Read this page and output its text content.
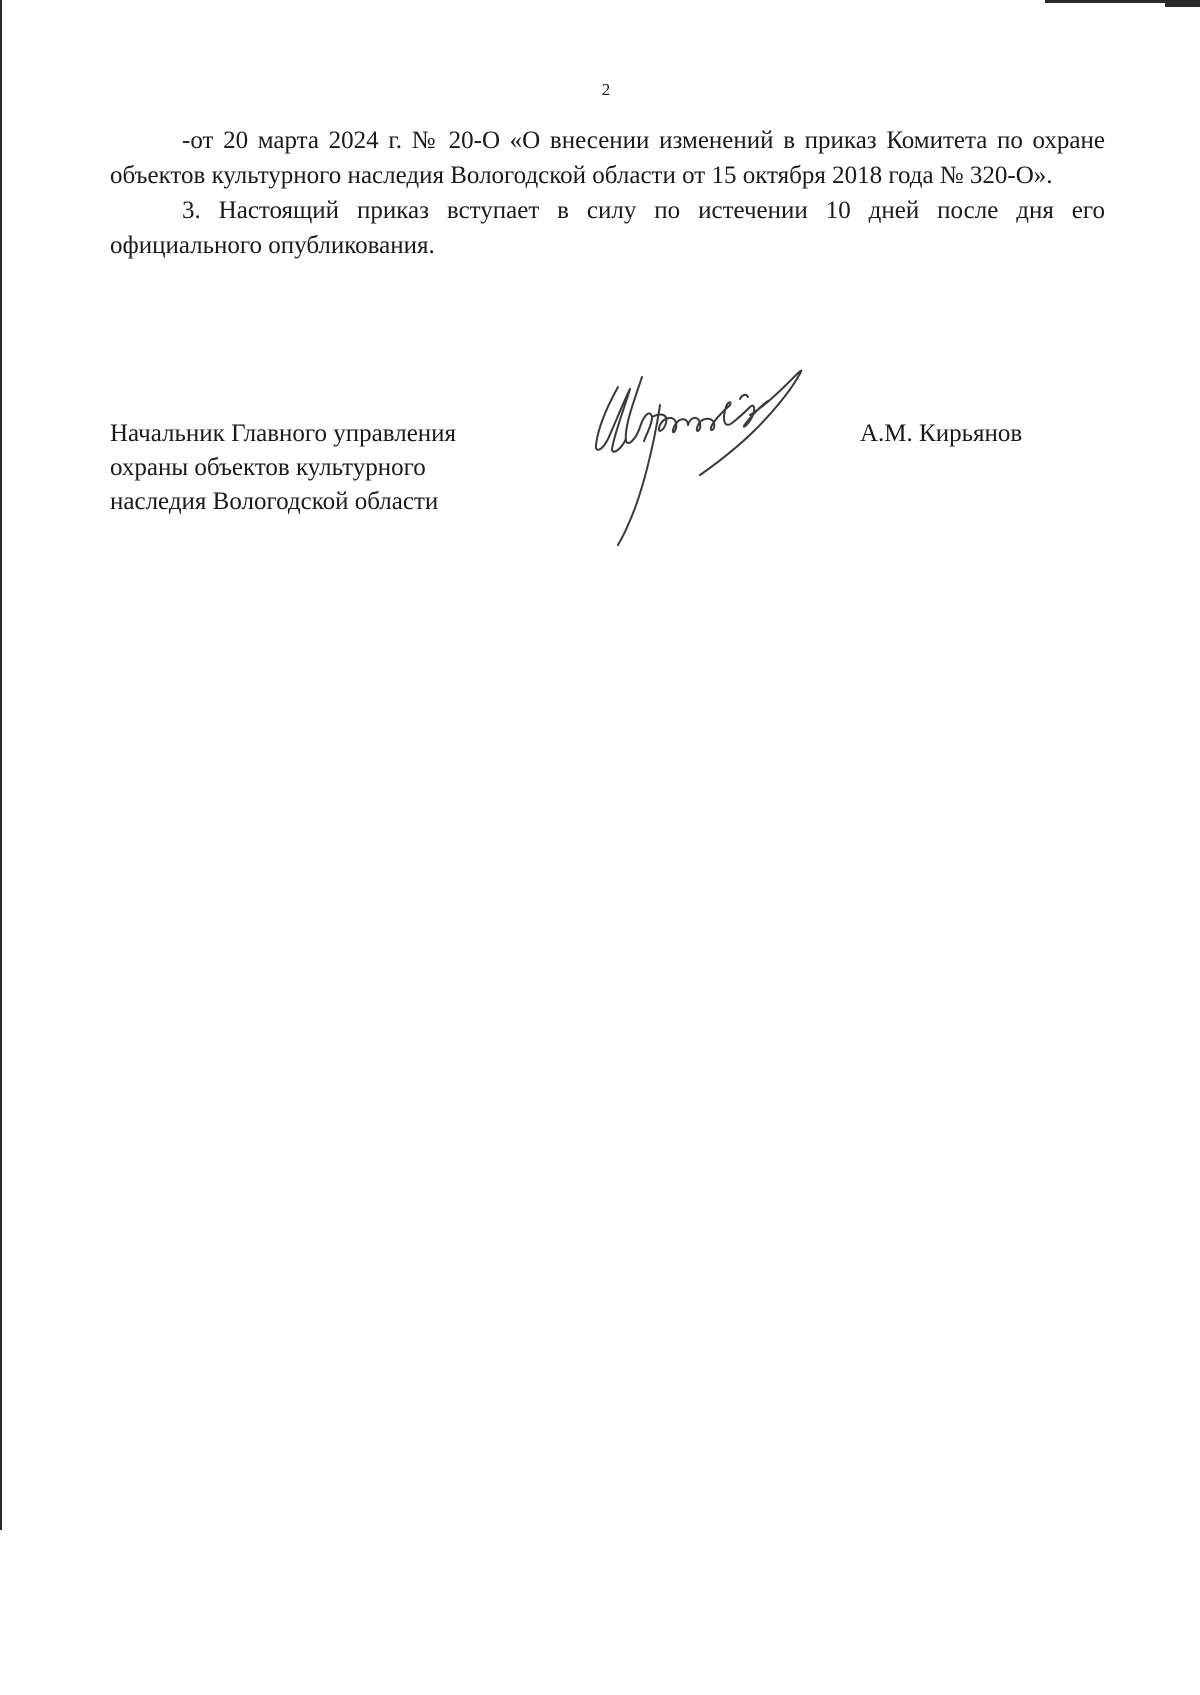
2

-от 20 марта 2024 г. № 20-О «О внесении изменений в приказ Комитета по охране объектов культурного наследия Вологодской области от 15 октября 2018 года № 320-О».

3. Настоящий приказ вступает в силу по истечении 10 дней после дня его официального опубликования.

Начальник Главного управления
охраны объектов культурного
наследия Вологодской области
А.М. Кирьянов
